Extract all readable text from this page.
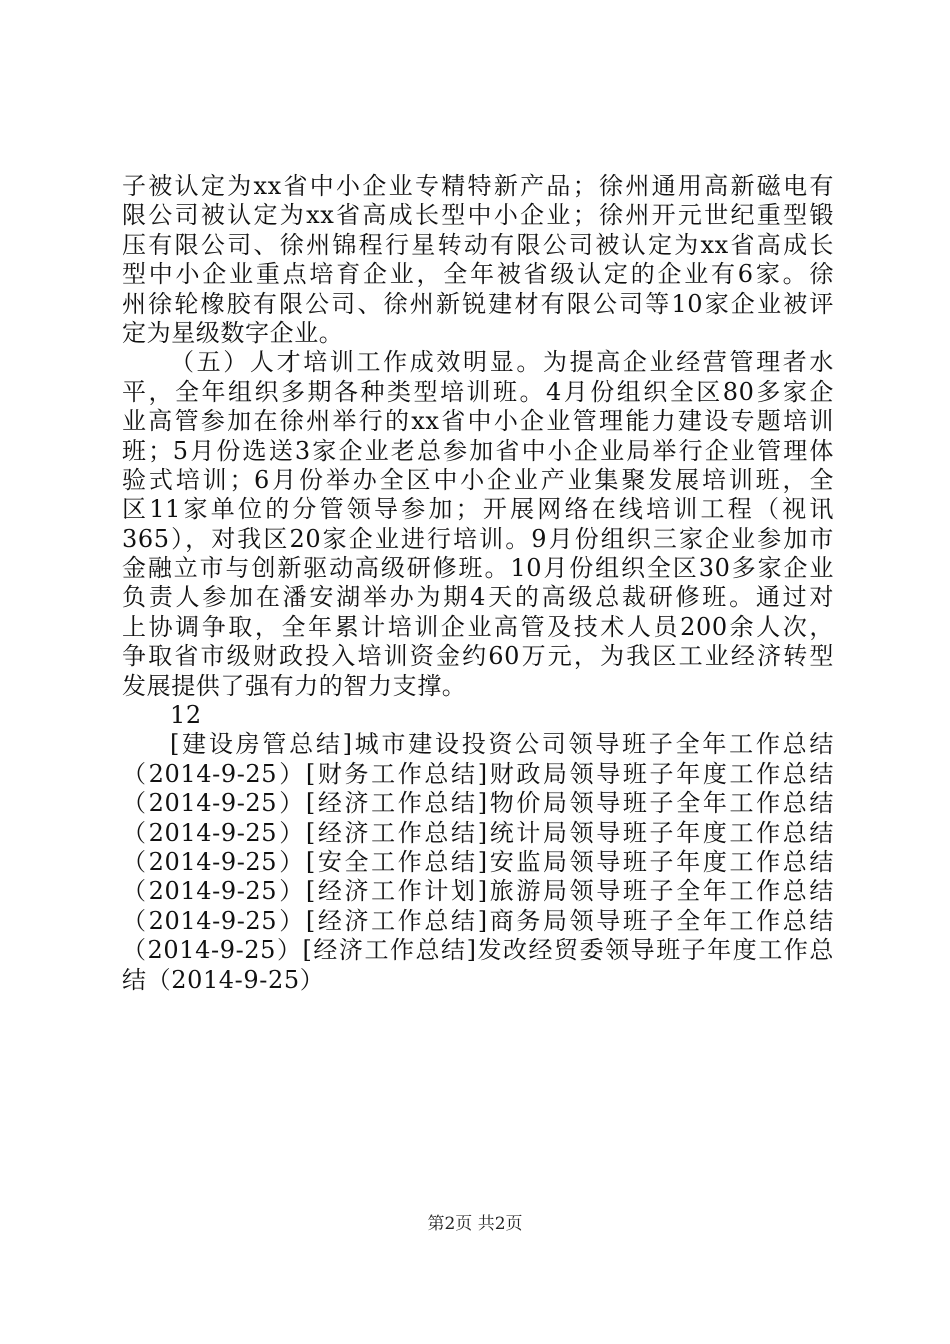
子被认定为xx省中小企业专精特新产品；徐州通用高新磁电有
限公司被认定为xx省高成长型中小企业；徐州开元世纪重型锻
压有限公司、徐州锦程行星转动有限公司被认定为xx省高成长
型中小企业重点培育企业，全年被省级认定的企业有6家。徐
州徐轮橡胶有限公司、徐州新锐建材有限公司等10家企业被评
定为星级数字企业。
（五）人才培训工作成效明显。为提高企业经营管理者水
平，全年组织多期各种类型培训班。4月份组织全区80多家企
业高管参加在徐州举行的xx省中小企业管理能力建设专题培训
班；5月份选送3家企业老总参加省中小企业局举行企业管理体
验式培训；6月份举办全区中小企业产业集聚发展培训班，全
区11家单位的分管领导参加；开展网络在线培训工程（视讯
365），对我区20家企业进行培训。9月份组织三家企业参加市
金融立市与创新驱动高级研修班。10月份组织全区30多家企业
负责人参加在潘安湖举办为期4天的高级总裁研修班。通过对
上协调争取，全年累计培训企业高管及技术人员200余人次，
争取省市级财政投入培训资金约60万元，为我区工业经济转型
发展提供了强有力的智力支撑。
12
[建设房管总结]城市建设投资公司领导班子全年工作总结
（2014-9-25）[财务工作总结]财政局领导班子年度工作总结
（2014-9-25）[经济工作总结]物价局领导班子全年工作总结
（2014-9-25）[经济工作总结]统计局领导班子年度工作总结
（2014-9-25）[安全工作总结]安监局领导班子年度工作总结
（2014-9-25）[经济工作计划]旅游局领导班子全年工作总结
（2014-9-25）[经济工作总结]商务局领导班子全年工作总结
（2014-9-25）[经济工作总结]发改经贸委领导班子年度工作总
结（2014-9-25）
第2页 共2页
